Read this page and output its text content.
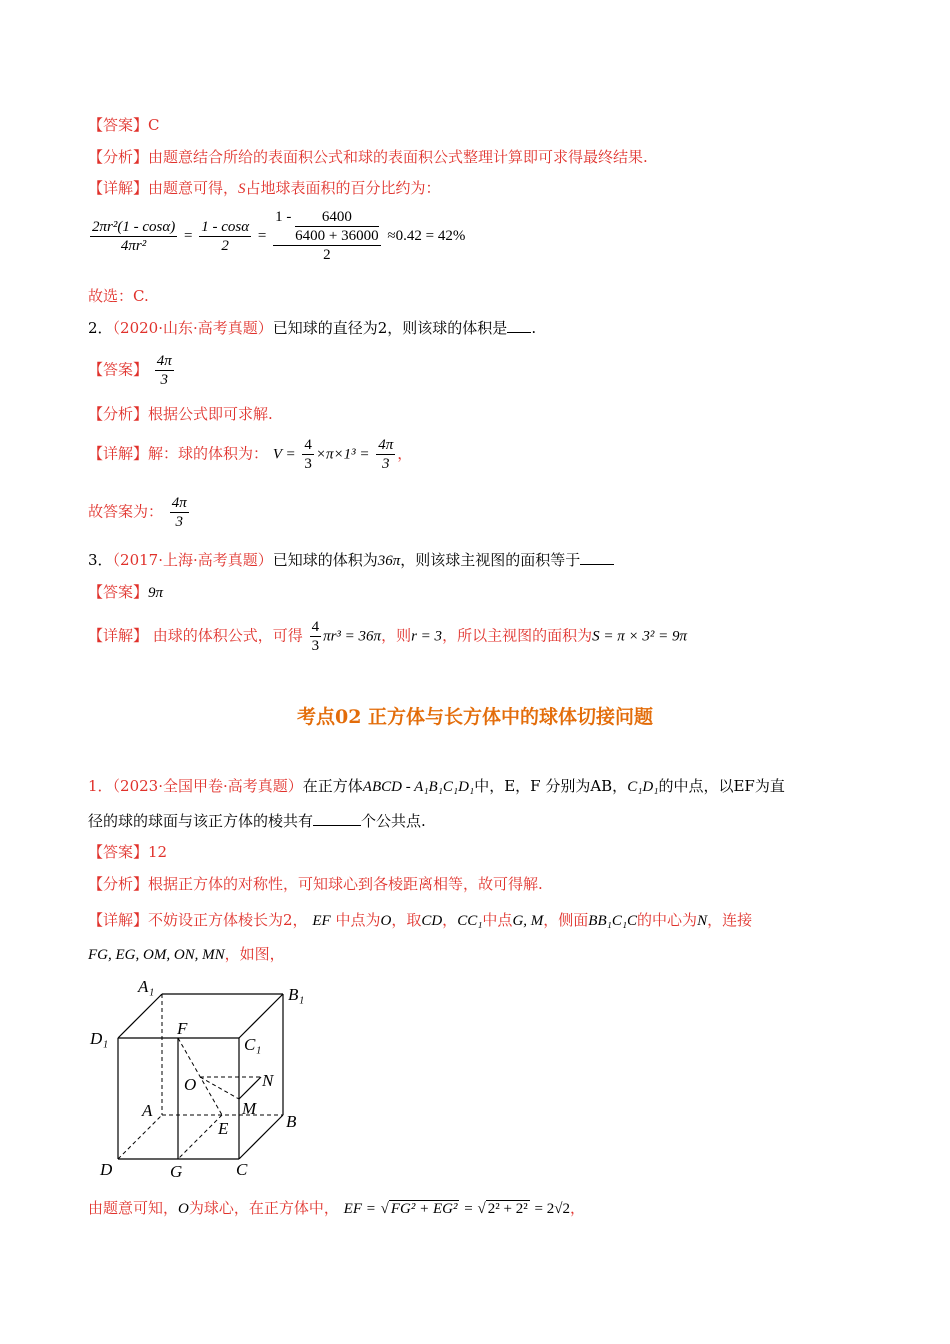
【答案】C
【分析】由题意结合所给的表面积公式和球的表面积公式整理计算即可求得最终结果.
【详解】由题意可得，S占地球表面积的百分比约为：
$\frac{\text{2πr²(1 - cosα)}}{\text{4πr²}} = \frac{1 - \cos\alpha}{2} = \frac{1 - \frac{6400}{6400 + 36000}}{2} \approx 0.42 = 42\%$
故选：C.
2．（2020·山东·高考真题）已知球的直径为2，则该球的体积是 .
【答案】 $\frac{4\pi}{3}$
【分析】根据公式即可求解.
【详解】解：球的体积为： $V = \frac{4}{3} \times\pi\times 1^3 = \frac{4\pi}{3}$ ，
故答案为： $\frac{4\pi}{3}$
3．（2017·上海·高考真题）已知球的体积为36π，则该球主视图的面积等于
【答案】9π
【详解】 由球的体积公式，可得 $\frac{4}{3} \pi r^3 = 36\pi$，则r = 3，所以主视图的面积为S = π × 3² = 9π
考点02 正方体与长方体中的球体切接问题
1．（2023·全国甲卷·高考真题）在正方体ABCD - A₁B₁C₁D₁中，E，F 分别为AB，C₁D₁的中点，以EF为直
径的球的球面与该正方体的棱共有	个公共点.
【答案】12
【分析】根据正方体的对称性，可知球心到各棱距离相等，故可得解.
【详解】不妨设正方体棱长为2， EF 中点为O，取CD，CC₁中点G, M，侧面BB₁C₁C的中心为N，连接
FG, EG, OM, ON, MN，如图，
A₁	B₁
D₁	C₁
F
O	N
M
A
E	B
D	G	C
由题意可知，O为球心，在正方体中， EF = √ FG² + EG² = √ 2² + 2² = 2√2，
